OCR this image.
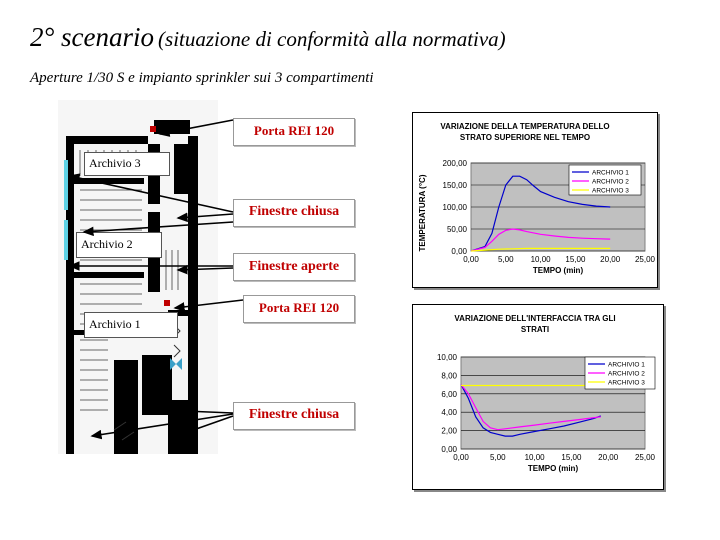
2° scenario (situazione di conformità alla normativa)
Aperture 1/30 S e impianto sprinkler sui 3 compartimenti
Archivio 3
Archivio 2
Archivio 1
Porta REI 120
Finestre chiusa
Finestre aperte
Porta REI 120
Finestre chiusa
VARIAZIONE DELLA TEMPERATURA DELLO
STRATO SUPERIORE NEL TEMPO
0,00
50,00
100,00
150,00
200,00
0,00 5,00 10,00 15,00 20,00 25,00
TEMPO (min)
TEMPERATURA (°C)
ARCHIVIO 1
ARCHIVIO 2
ARCHIVIO 3
VARIAZIONE DELL'INTERFACCIA TRA GLI
STRATI
0,00
2,00
4,00
6,00
8,00
10,00
0,00	5,00 10,00 15,00 20,00 25,00
TEMPO (min)
ARCHIVIO 1
ARCHIVIO 2
ARCHIVIO 3
